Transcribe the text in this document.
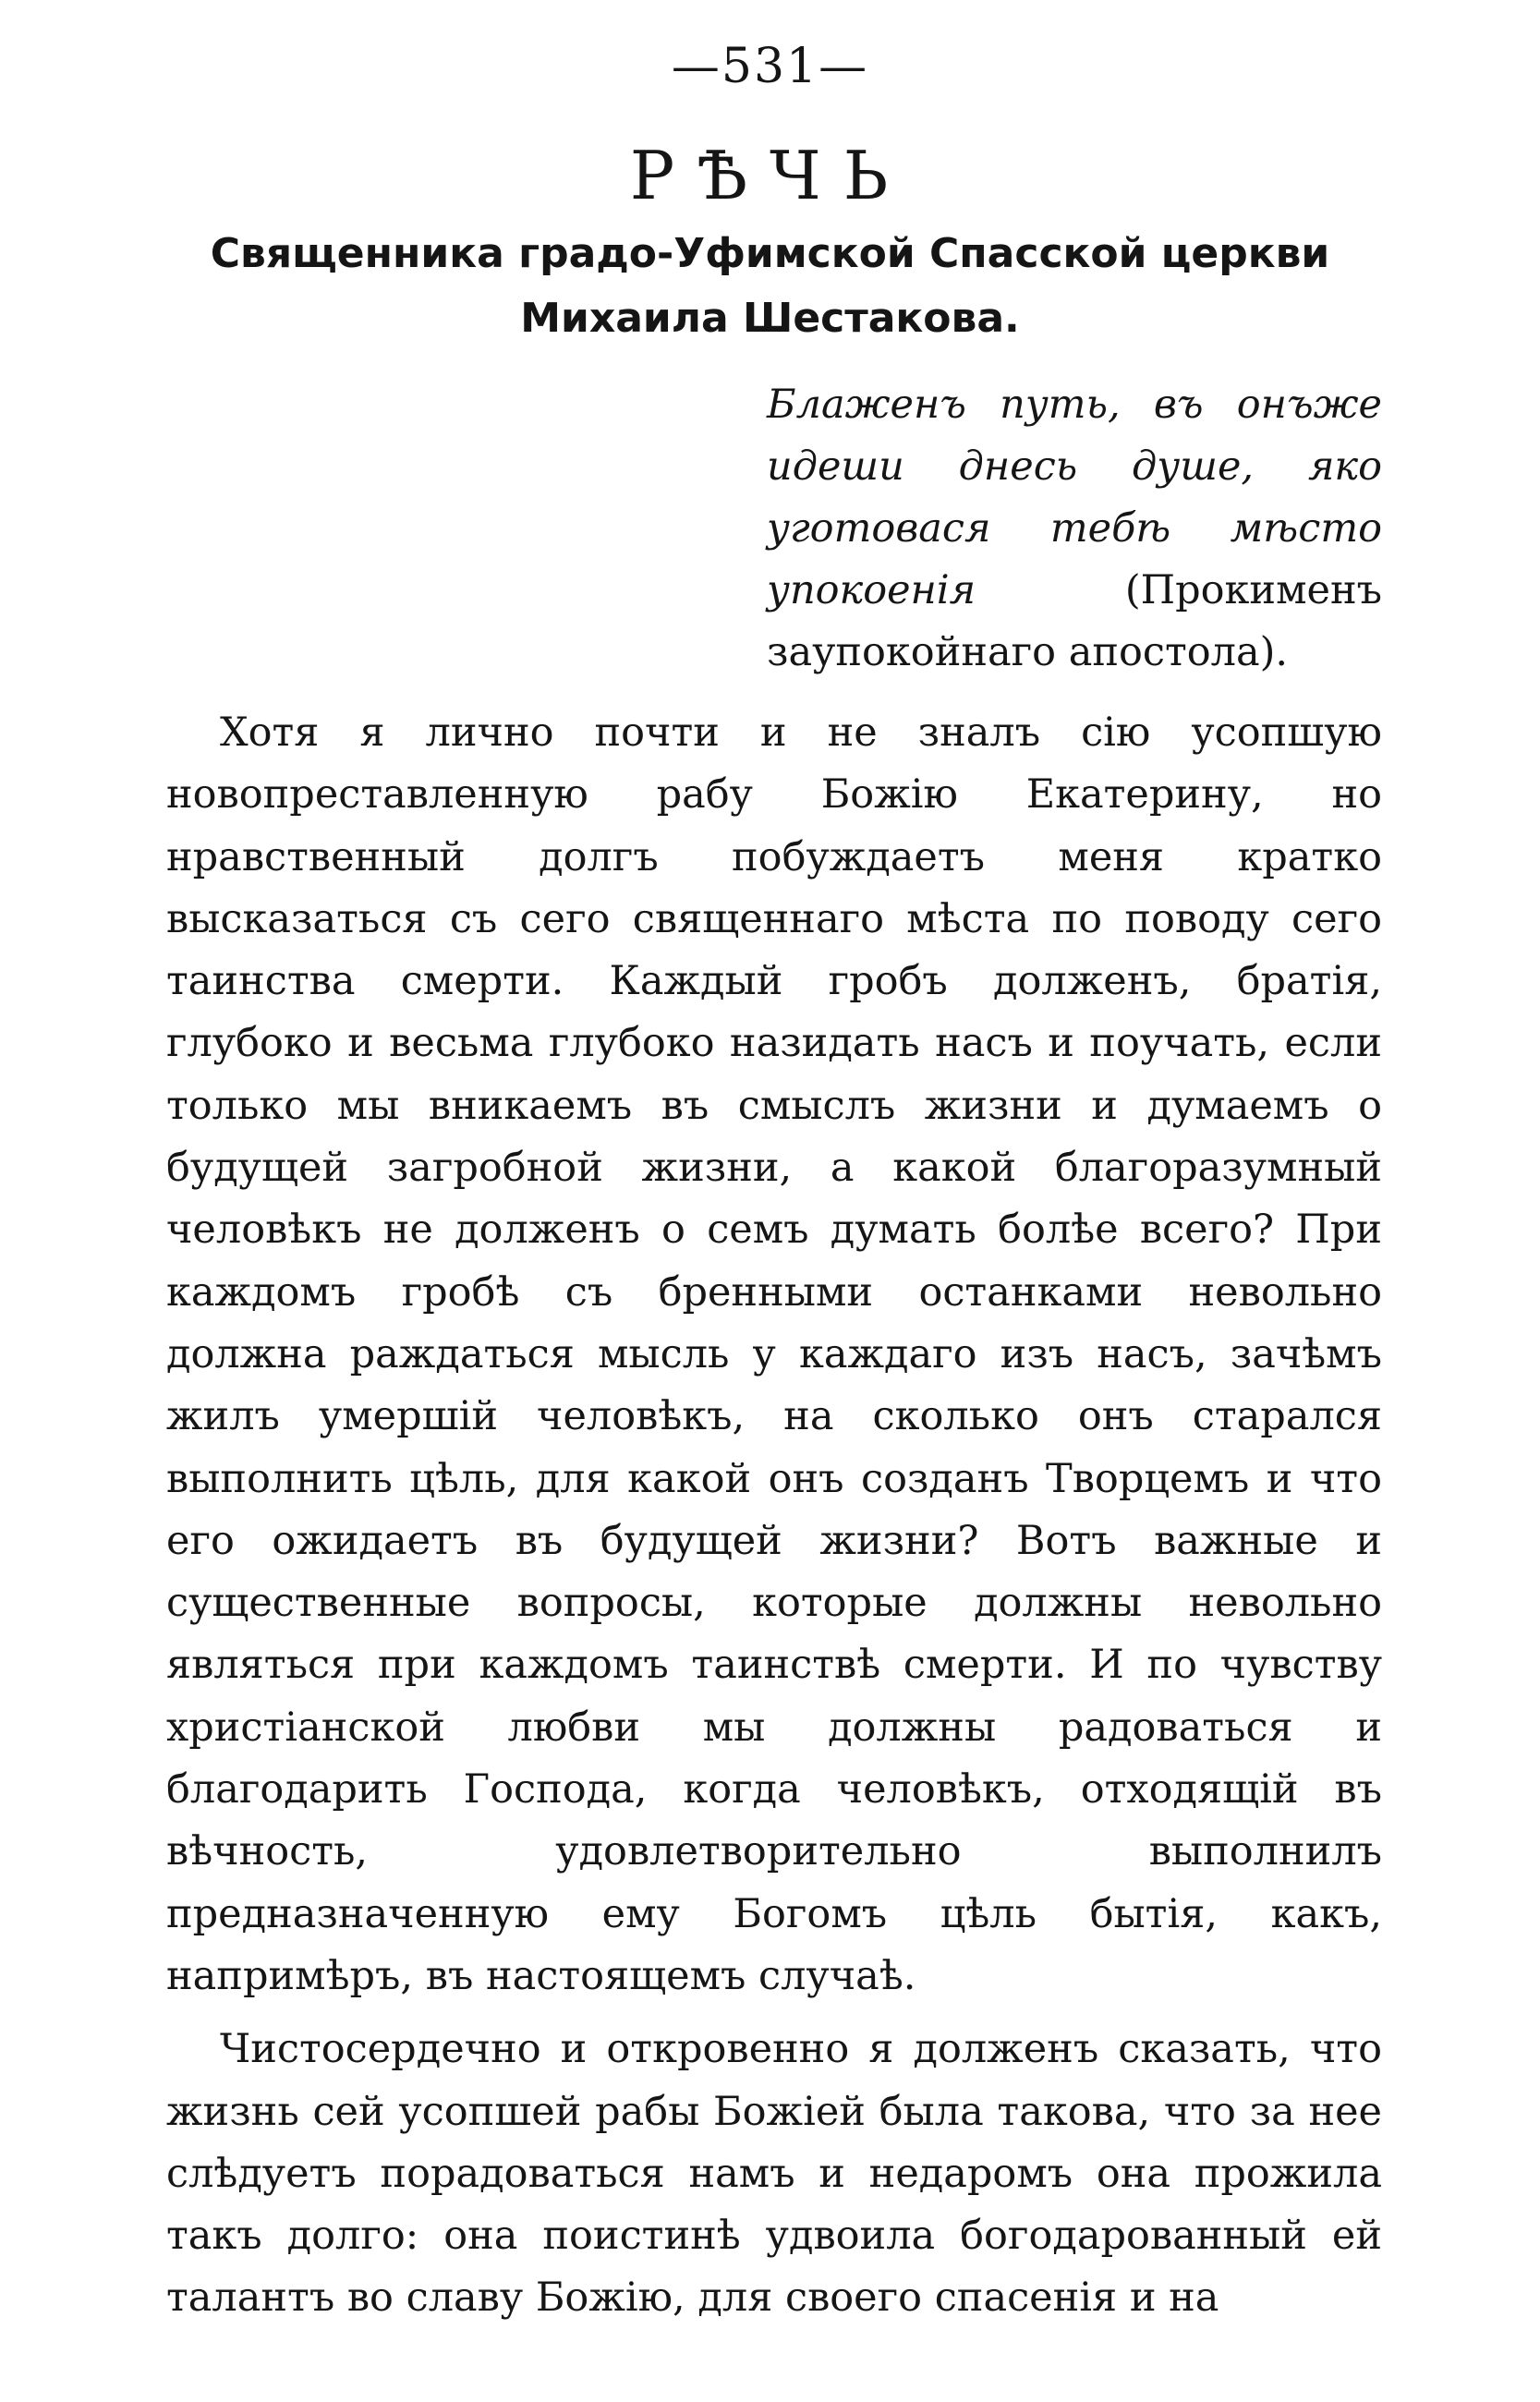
—531—
РѢЧЬ
Священника градо-Уфимской Спасской церкви
Михаила Шестакова.

Блаженъ путь, въ онъже идеши днесь душе, яко уготовася тебѣ мѣсто упокоенія (Прокименъ заупокойнаго апостола).

Хотя я лично почти и не зналъ сію усопшую новопреставленную рабу Божію Екатерину, но нравственный долгъ побуждаетъ меня кратко высказаться съ сего священнаго мѣста по поводу сего таинства смерти. Каждый гробъ долженъ, братія, глубоко и весьма глубоко назидать насъ и поучать, если только мы вникаемъ въ смыслъ жизни и думаемъ о будущей загробной жизни, а какой благоразумный человѣкъ не долженъ о семъ думать болѣе всего? При каждомъ гробѣ съ бренными останками невольно должна раждаться мысль у каждаго изъ насъ, зачѣмъ жилъ умершій человѣкъ, на сколько онъ старался выполнить цѣль, для какой онъ созданъ Творцемъ и что его ожидаетъ въ будущей жизни? Вотъ важные и существенные вопросы, которые должны невольно являться при каждомъ таинствѣ смерти. И по чувству христіанской любви мы должны радоваться и благодарить Господа, когда человѣкъ, отходящій въ вѣчность, удовлетворительно выполнилъ предназначенную ему Богомъ цѣль бытія, какъ, напримѣръ, въ настоящемъ случаѣ.

Чистосердечно и откровенно я долженъ сказать, что жизнь сей усопшей рабы Божіей была такова, что за нее слѣдуетъ порадоваться намъ и недаромъ она прожила такъ долго: она поистинѣ удвоила богодарованный ей талантъ во славу Божію, для своего спасенія и на
